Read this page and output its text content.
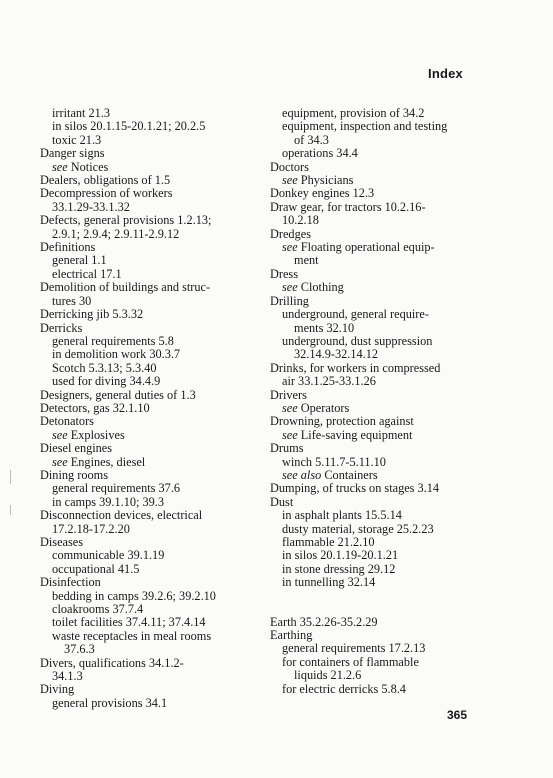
Index
irritant 21.3
in silos 20.1.15-20.1.21; 20.2.5
toxic 21.3
Danger signs
see Notices
Dealers, obligations of 1.5
Decompression of workers
33.1.29-33.1.32
Defects, general provisions 1.2.13;
2.9.1; 2.9.4; 2.9.11-2.9.12
Definitions
general 1.1
electrical 17.1
Demolition of buildings and struc-
tures 30
Derricking jib 5.3.32
Derricks
general requirements 5.8
in demolition work 30.3.7
Scotch 5.3.13; 5.3.40
used for diving 34.4.9
Designers, general duties of 1.3
Detectors, gas 32.1.10
Detonators
see Explosives
Diesel engines
see Engines, diesel
Dining rooms
general requirements 37.6
in camps 39.1.10; 39.3
Disconnection devices, electrical
17.2.18-17.2.20
Diseases
communicable 39.1.19
occupational 41.5
Disinfection
bedding in camps 39.2.6; 39.2.10
cloakrooms 37.7.4
toilet facilities 37.4.11; 37.4.14
waste receptacles in meal rooms
37.6.3
Divers, qualifications 34.1.2-
34.1.3
Diving
general provisions 34.1
equipment, provision of 34.2
equipment, inspection and testing
of 34.3
operations 34.4
Doctors
see Physicians
Donkey engines 12.3
Draw gear, for tractors 10.2.16-
10.2.18
Dredges
see Floating operational equip-
ment
Dress
see Clothing
Drilling
underground, general require-
ments 32.10
underground, dust suppression
32.14.9-32.14.12
Drinks, for workers in compressed
air 33.1.25-33.1.26
Drivers
see Operators
Drowning, protection against
see Life-saving equipment
Drums
winch 5.11.7-5.11.10
see also Containers
Dumping, of trucks on stages 3.14
Dust
in asphalt plants 15.5.14
dusty material, storage 25.2.23
flammable 21.2.10
in silos 20.1.19-20.1.21
in stone dressing 29.12
in tunnelling 32.14
Earth 35.2.26-35.2.29
Earthing
general requirements 17.2.13
for containers of flammable
liquids 21.2.6
for electric derricks 5.8.4
365
